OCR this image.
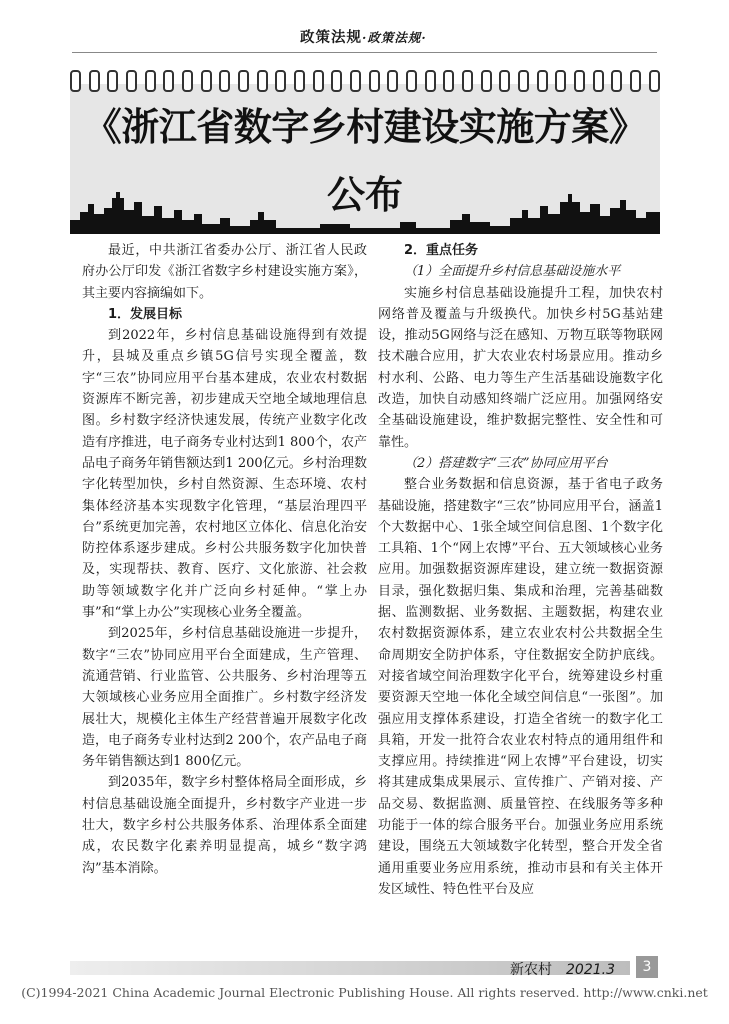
政策法规·政策法规·
《浙江省数字乡村建设实施方案》
公布

最近，中共浙江省委办公厅、浙江省人民政府办公厅印发《浙江省数字乡村建设实施方案》，其主要内容摘编如下。

1．发展目标

到2022年，乡村信息基础设施得到有效提升，县城及重点乡镇5G信号实现全覆盖，数字“三农”协同应用平台基本建成，农业农村数据资源库不断完善，初步建成天空地全域地理信息图。乡村数字经济快速发展，传统产业数字化改造有序推进，电子商务专业村达到1 800个，农产品电子商务年销售额达到1 200亿元。乡村治理数字化转型加快，乡村自然资源、生态环境、农村集体经济基本实现数字化管理，“基层治理四平台”系统更加完善，农村地区立体化、信息化治安防控体系逐步建成。乡村公共服务数字化加快普及，实现帮扶、教育、医疗、文化旅游、社会救助等领域数字化并广泛向乡村延伸。“掌上办事”和“掌上办公”实现核心业务全覆盖。

到2025年，乡村信息基础设施进一步提升，数字“三农”协同应用平台全面建成，生产管理、流通营销、行业监管、公共服务、乡村治理等五大领域核心业务应用全面推广。乡村数字经济发展壮大，规模化主体生产经营普遍开展数字化改造，电子商务专业村达到2 200个，农产品电子商务年销售额达到1 800亿元。

到2035年，数字乡村整体格局全面形成，乡村信息基础设施全面提升，乡村数字产业进一步壮大，数字乡村公共服务体系、治理体系全面建成，农民数字化素养明显提高，城乡“数字鸿沟”基本消除。

2．重点任务

（1）全面提升乡村信息基础设施水平

实施乡村信息基础设施提升工程，加快农村网络普及覆盖与升级换代。加快乡村5G基站建设，推动5G网络与泛在感知、万物互联等物联网技术融合应用，扩大农业农村场景应用。推动乡村水利、公路、电力等生产生活基础设施数字化改造，加快自动感知终端广泛应用。加强网络安全基础设施建设，维护数据完整性、安全性和可靠性。

（2）搭建数字“三农”协同应用平台

整合业务数据和信息资源，基于省电子政务基础设施，搭建数字“三农”协同应用平台，涵盖1个大数据中心、1张全域空间信息图、1个数字化工具箱、1个“网上农博”平台、五大领域核心业务应用。加强数据资源库建设，建立统一数据资源目录，强化数据归集、集成和治理，完善基础数据、监测数据、业务数据、主题数据，构建农业农村数据资源体系，建立农业农村公共数据全生命周期安全防护体系，守住数据安全防护底线。对接省域空间治理数字化平台，统筹建设乡村重要资源天空地一体化全域空间信息“一张图”。加强应用支撑体系建设，打造全省统一的数字化工具箱，开发一批符合农业农村特点的通用组件和支撑应用。持续推进“网上农博”平台建设，切实将其建成集成果展示、宣传推广、产销对接、产品交易、数据监测、质量管控、在线服务等多种功能于一体的综合服务平台。加强业务应用系统建设，围绕五大领域数字化转型，整合开发全省通用重要业务应用系统，推动市县和有关主体开发区域性、特色性平台及应

新农村 2021.3	3
(C)1994-2021 China Academic Journal Electronic Publishing House. All rights reserved. http://www.cnki.net
